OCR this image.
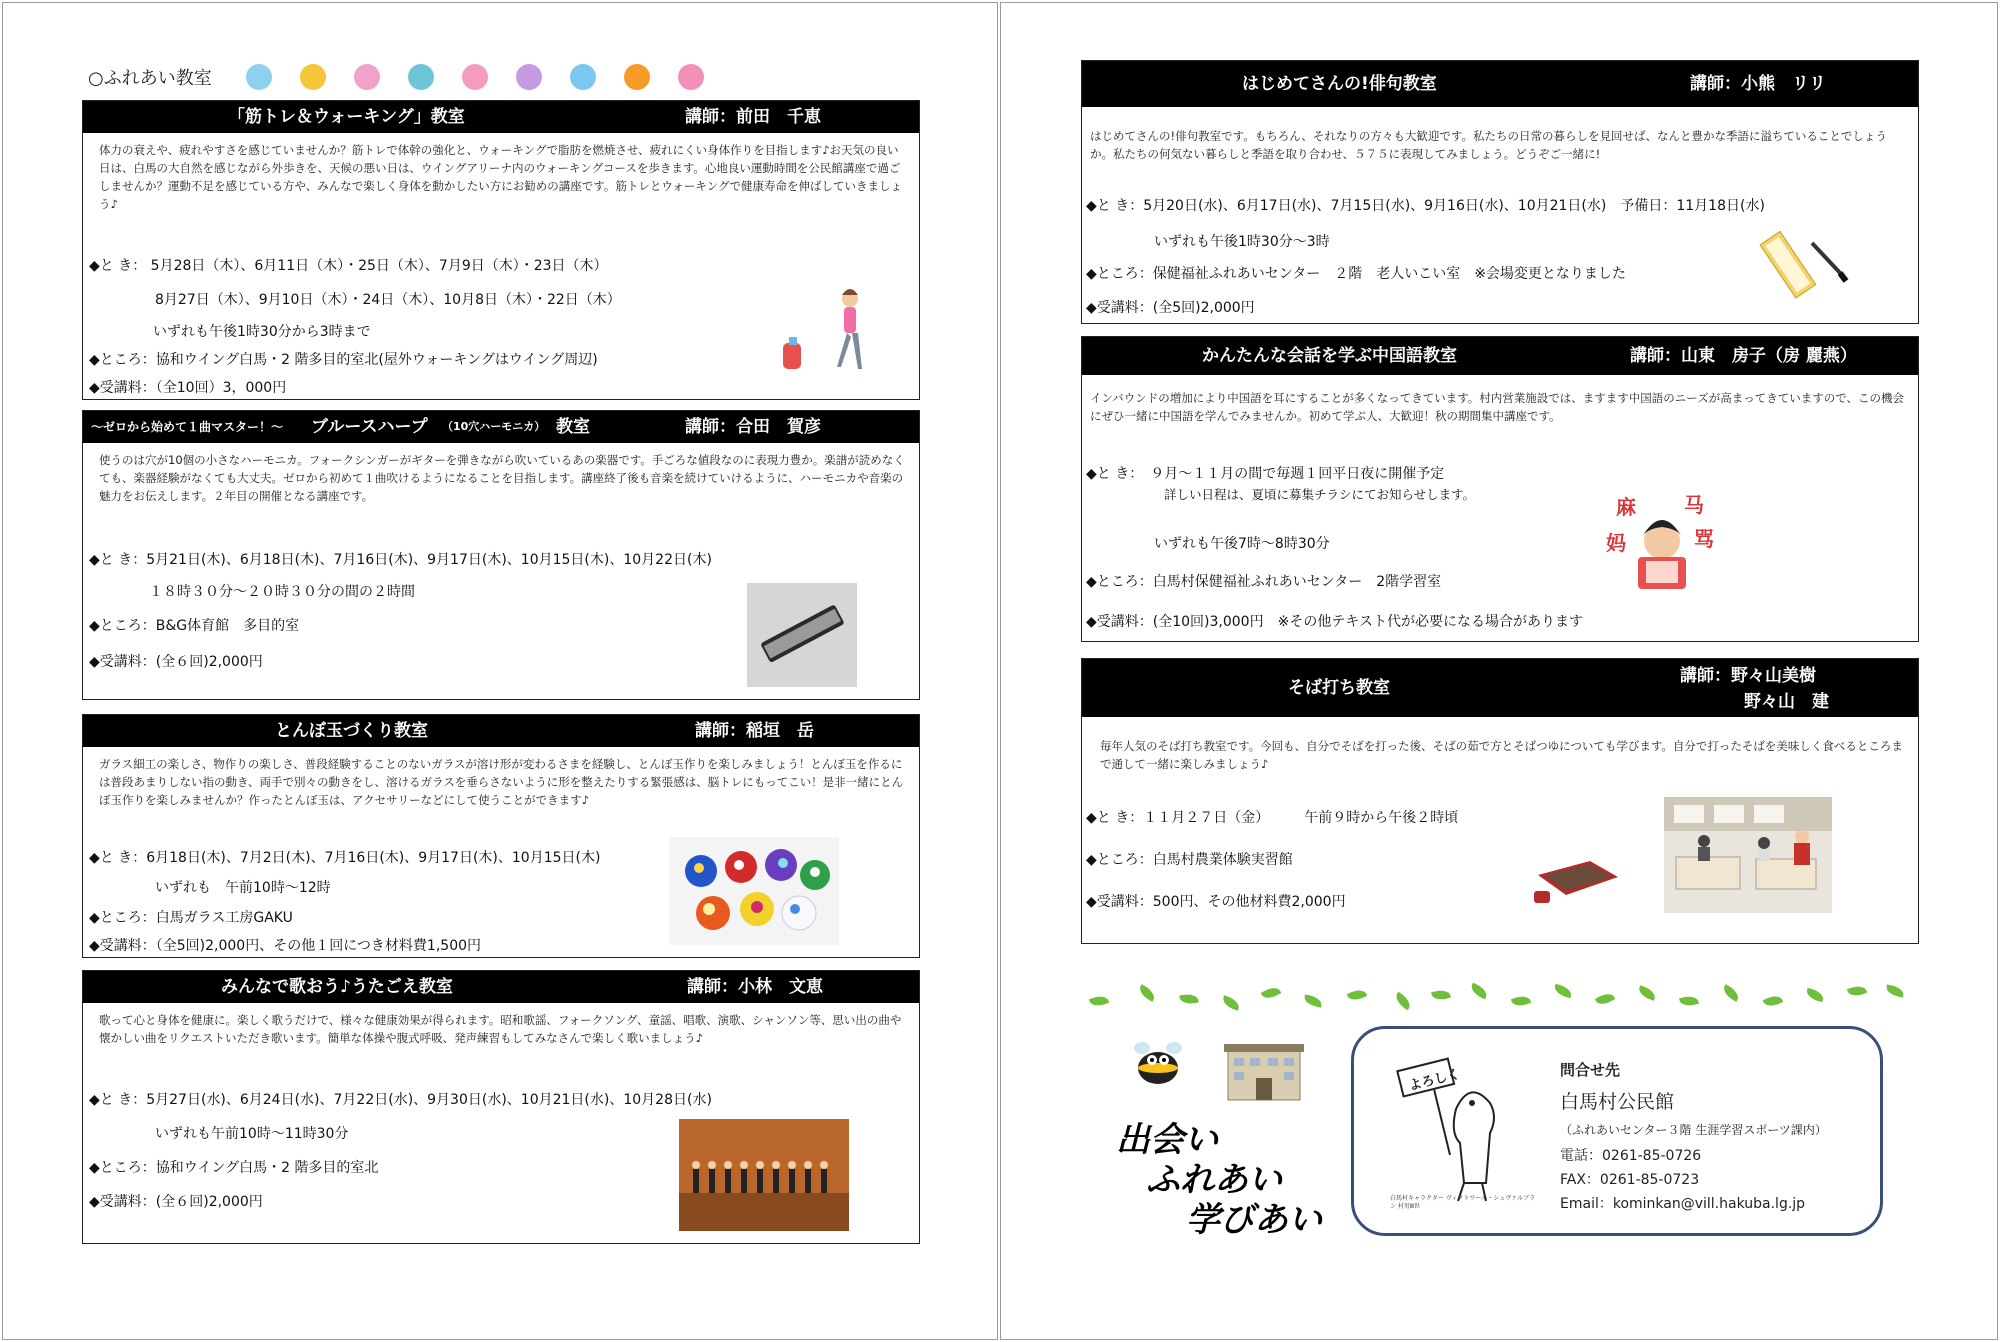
○ふれあい教室
「筋トレ＆ウォーキング」教室	講師：前田　千恵
体力の衰えや、疲れやすさを感じていませんか？筋トレで体幹の強化と、ウォーキングで脂肪を燃焼させ、疲れにくい身体作りを目指します♪お天気の良い日は、白馬の大自然を感じながら外歩きを、天候の悪い日は、ウイングアリーナ内のウォーキングコースを歩きます。心地良い運動時間を公民館講座で過ごしませんか？運動不足を感じている方や、みんなで楽しく身体を動かしたい方にお勧めの講座です。筋トレとウォーキングで健康寿命を伸ばしていきましょう♪
◆と き： 5月28日（木）、6月11日（木）・25日（木）、7月9日（木）・23日（木）
8月27日（木）、9月10日（木）・24日（木）、10月8日（木）・22日（木）
いずれも午後1時30分から3時まで
◆ところ：協和ウイング白馬・2 階多目的室北(屋外ウォーキングはウイング周辺)
◆受講料：（全10回）3，000円
～ゼロから始めて１曲マスター！～ ブルースハープ （10穴ハーモニカ） 教室	講師：合田　賀彦
使うのは穴が10個の小さなハーモニカ。フォークシンガーがギターを弾きながら吹いているあの楽器です。手ごろな値段なのに表現力豊か。楽譜が読めなくても、楽器経験がなくても大丈夫。ゼロから初めて１曲吹けるようになることを目指します。講座終了後も音楽を続けていけるように、ハーモニカや音楽の魅力をお伝えします。２年目の開催となる講座です。
◆と き：5月21日(木)、6月18日(木)、7月16日(木)、9月17日(木)、10月15日(木)、10月22日(木)
１８時３０分～２０時３０分の間の２時間
◆ところ：B&G体育館　多目的室
◆受講料：(全６回)2,000円
とんぼ玉づくり教室	講師：稲垣　岳
ガラス細工の楽しさ、物作りの楽しさ、普段経験することのないガラスが溶け形が変わるさまを経験し、とんぼ玉作りを楽しみましょう！とんぼ玉を作るには普段あまりしない指の動き、両手で別々の動きをし、溶けるガラスを垂らさないように形を整えたりする緊張感は、脳トレにもってこい！是非一緒にとんぼ玉作りを楽しみませんか？作ったとんぼ玉は、アクセサリーなどにして使うことができます♪
◆と き：6月18日(木)、7月2日(木)、7月16日(木)、9月17日(木)、10月15日(木)
いずれも　午前10時～12時
◆ところ：白馬ガラス工房GAKU
◆受講料：（全5回)2,000円、その他１回につき材料費1,500円
みんなで歌おう♪うたごえ教室	講師：小林　文恵
歌って心と身体を健康に。楽しく歌うだけで、様々な健康効果が得られます。昭和歌謡、フォークソング、童謡、唱歌、演歌、シャンソン等、思い出の曲や懐かしい曲をリクエストいただき歌います。簡単な体操や腹式呼吸、発声練習もしてみなさんで楽しく歌いましょう♪
◆と き：5月27日(水)、6月24日(水)、7月22日(水)、9月30日(水)、10月21日(水)、10月28日(水)
いずれも午前10時～11時30分
◆ところ：協和ウイング白馬・2 階多目的室北
◆受講料：(全６回)2,000円
はじめてさんの!俳句教室	講師：小熊　リリ
はじめてさんの!俳句教室です。もちろん、それなりの方々も大歓迎です。私たちの日常の暮らしを見回せば、なんと豊かな季語に溢ちていることでしょうか。私たちの何気ない暮らしと季語を取り合わせ、５７５に表現してみましょう。どうぞご一緒に!
◆と き：5月20日(水)、6月17日(水)、7月15日(水)、9月16日(水)、10月21日(水)　予備日：11月18日(水)
いずれも午後1時30分～3時
◆ところ：保健福祉ふれあいセンター　２階　老人いこい室　※会場変更となりました
◆受講料：(全5回)2,000円
かんたんな会話を学ぶ中国語教室	講師：山東　房子（房 麗燕）
インバウンドの増加により中国語を耳にすることが多くなってきています。村内営業施設では、ますます中国語のニーズが高まってきていますので、この機会にぜひ一緒に中国語を学んでみませんか。初めて学ぶ人、大歓迎！秋の期間集中講座です。
◆と き：　９月～１１月の間で毎週１回平日夜に開催予定
詳しい日程は、夏頃に募集チラシにてお知らせします。
いずれも午後7時～8時30分
◆ところ：白馬村保健福祉ふれあいセンター　2階学習室
◆受講料：(全10回)3,000円　※その他テキスト代が必要になる場合があります
麻 马
妈	骂
そば打ち教室
講師：野々山美樹
野々山　建
毎年人気のそば打ち教室です。今回も、自分でそばを打った後、そばの茹で方とそばつゆについても学びます。自分で打ったそばを美味しく食べるところまで通して一緒に楽しみましょう♪
◆と き：１１月２７日（金）　　　午前９時から午後２時頃
◆ところ：白馬村農業体験実習館
◆受講料：500円、その他材料費2,000円
出会い
ふれあい
学びあい
よろしく
白馬村キャラクター ヴィクトワール・シュヴァルブラン 村男Ⅲ世
問合せ先
白馬村公民館
（ふれあいセンター３階 生涯学習スポーツ課内）
電話：0261-85-0726
FAX：0261-85-0723
Email：kominkan@vill.hakuba.lg.jp
